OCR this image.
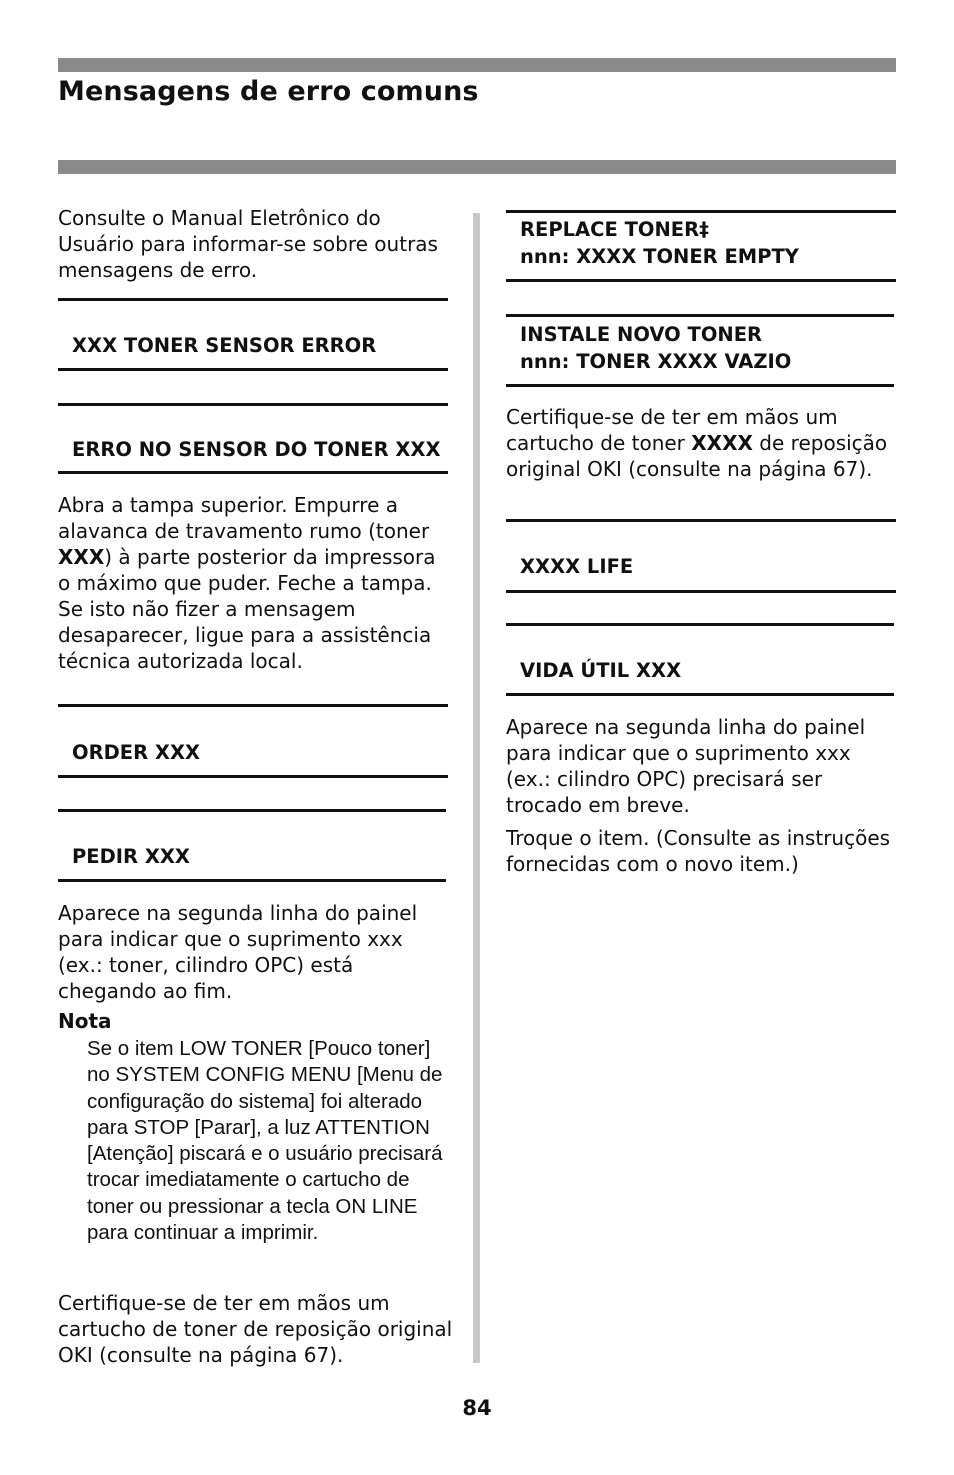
Mensagens de erro comuns

Consulte o Manual Eletrônico do Usuário para informar-se sobre outras mensagens de erro.

XXX TONER SENSOR ERROR
ERRO NO SENSOR DO TONER XXX

Abra a tampa superior. Empurre a alavanca de travamento rumo (toner XXX) à parte posterior da impressora o máximo que puder. Feche a tampa. Se isto não fizer a mensagem desaparecer, ligue para a assistência técnica autorizada local.

ORDER XXX
PEDIR XXX

Aparece na segunda linha do painel para indicar que o suprimento xxx (ex.: toner, cilindro OPC) está chegando ao fim.

Nota

Se o item LOW TONER [Pouco toner] no SYSTEM CONFIG MENU [Menu de configuração do sistema] foi alterado para STOP [Parar], a luz ATTENTION [Atenção] piscará e o usuário precisará trocar imediatamente o cartucho de toner ou pressionar a tecla ON LINE para continuar a imprimir.

Certifique-se de ter em mãos um cartucho de toner de reposição original OKI (consulte na página 67).

REPLACE TONER‡
nnn: XXXX TONER EMPTY
INSTALE NOVO TONER
nnn: TONER XXXX VAZIO

Certifique-se de ter em mãos um cartucho de toner XXXX de reposição original OKI (consulte na página 67).

XXXX LIFE
VIDA ÚTIL XXX

Aparece na segunda linha do painel para indicar que o suprimento xxx (ex.: cilindro OPC) precisará ser trocado em breve.

Troque o item. (Consulte as instruções fornecidas com o novo item.)

84
